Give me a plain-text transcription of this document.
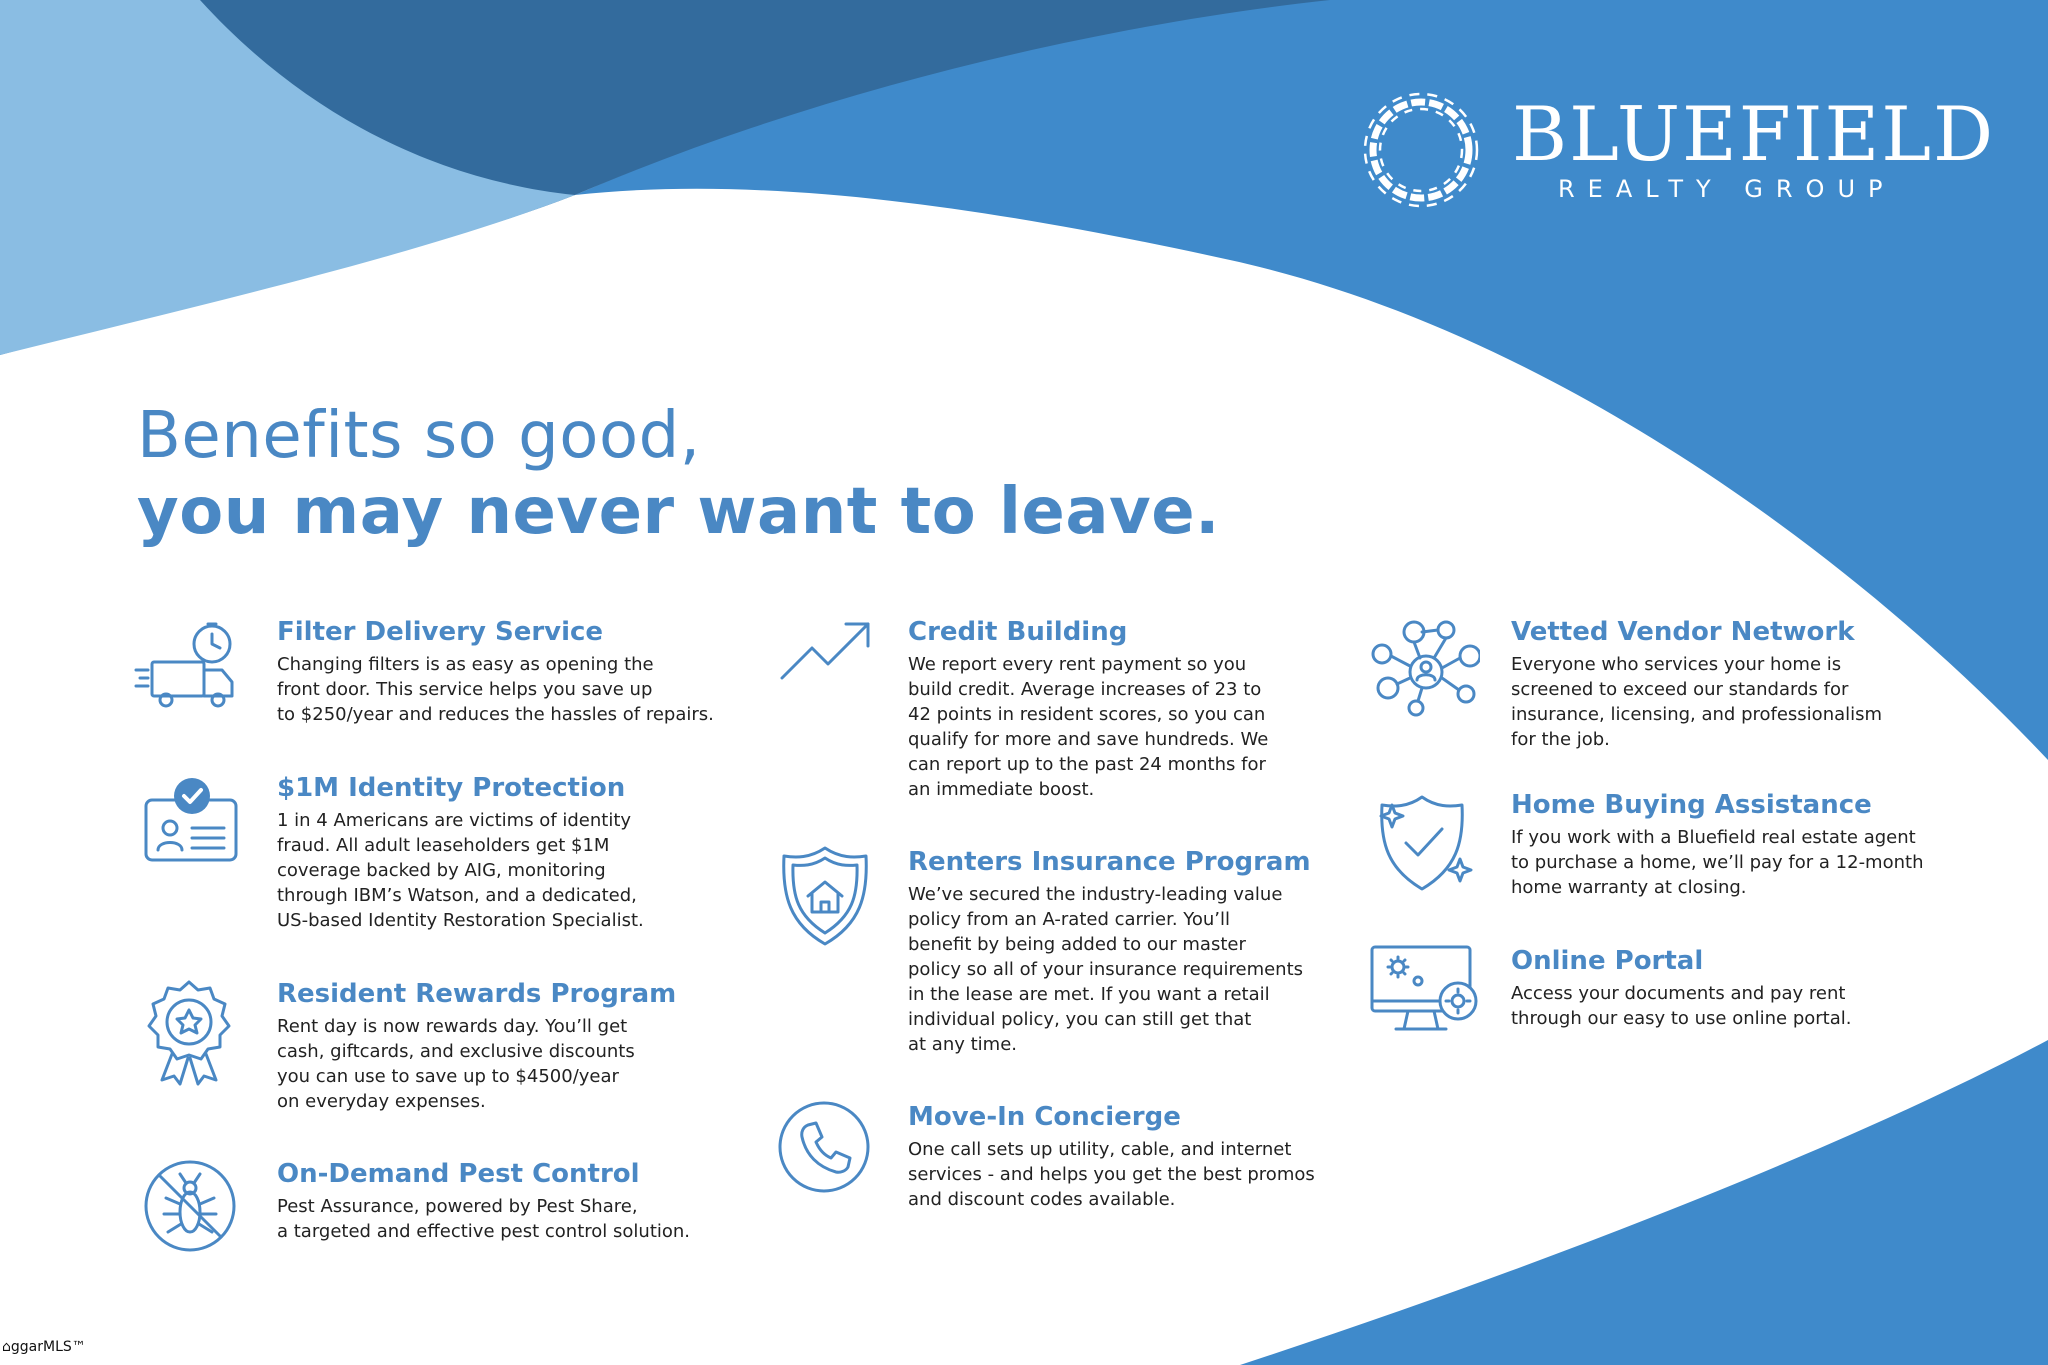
BLUEFIELD
REALTY GROUP
Benefits so good,
you may never want to leave.
Filter Delivery Service
Changing filters is as easy as opening the
front door. This service helps you save up
to $250/year and reduces the hassles of repairs.
$1M Identity Protection
1 in 4 Americans are victims of identity
fraud. All adult leaseholders get $1M
coverage backed by AIG, monitoring
through IBM’s Watson, and a dedicated,
US-based Identity Restoration Specialist.
Resident Rewards Program
Rent day is now rewards day. You’ll get
cash, giftcards, and exclusive discounts
you can use to save up to $4500/year
on everyday expenses.
On-Demand Pest Control
Pest Assurance, powered by Pest Share,
a targeted and effective pest control solution.
Credit Building
We report every rent payment so you
build credit. Average increases of 23 to
42 points in resident scores, so you can
qualify for more and save hundreds. We
can report up to the past 24 months for
an immediate boost.
Renters Insurance Program
We’ve secured the industry-leading value
policy from an A-rated carrier. You’ll
benefit by being added to our master
policy so all of your insurance requirements
in the lease are met. If you want a retail
individual policy, you can still get that
at any time.
Move-In Concierge
One call sets up utility, cable, and internet
services - and helps you get the best promos
and discount codes available.
Vetted Vendor Network
Everyone who services your home is
screened to exceed our standards for
insurance, licensing, and professionalism
for the job.
Home Buying Assistance
If you work with a Bluefield real estate agent
to purchase a home, we’ll pay for a 12-month
home warranty at closing.
Online Portal
Access your documents and pay rent
through our easy to use online portal.
⌂ggarMLS™
